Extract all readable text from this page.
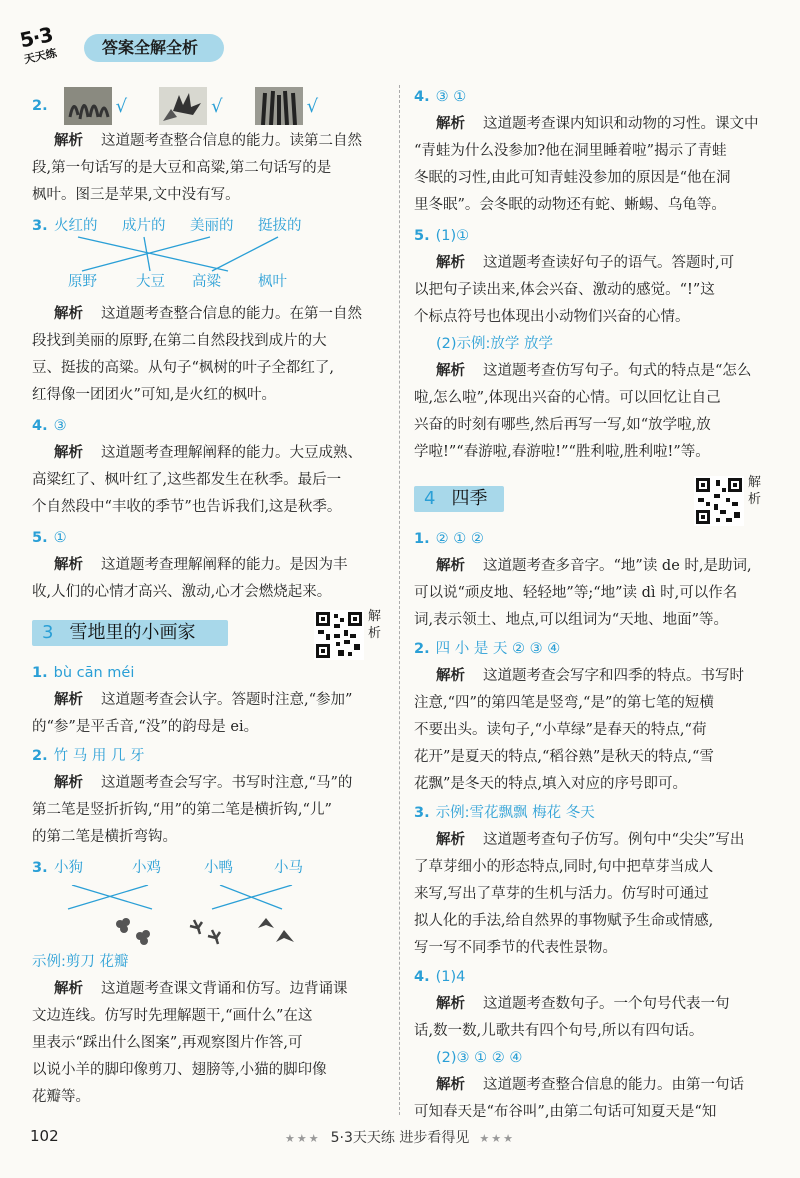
5·3
天天练	答案全解全析
2.	√	√	√
解析 这道题考查整合信息的能力。读第二自然
段,第一句话写的是大豆和高粱,第二句话写的是
枫叶。图三是苹果,文中没有写。
3. 火红的 成片的 美丽的 挺拔的
原野	大豆 高粱	枫叶
解析 这道题考查整合信息的能力。在第一自然
段找到美丽的原野,在第二自然段找到成片的大
豆、挺拔的高粱。从句子“枫树的叶子全都红了,
红得像一团团火”可知,是火红的枫叶。
4. ③
解析 这道题考查理解阐释的能力。大豆成熟、
高粱红了、枫叶红了,这些都发生在秋季。最后一
个自然段中“丰收的季节”也告诉我们,这是秋季。
5. ①
解析 这道题考查理解阐释的能力。是因为丰
收,人们的心情才高兴、激动,心才会燃烧起来。
3 雪地里的小画家
解析
1. bù cān méi
解析 这道题考查会认字。答题时注意,“参加”
的“参”是平舌音,“没”的韵母是 ei。
2. 竹 马 用 几 牙
解析 这道题考查会写字。书写时注意,“马”的
第二笔是竖折折钩,“用”的第二笔是横折钩,“儿”
的第二笔是横折弯钩。
3. 小狗	小鸡	小鸭	小马
示例:剪刀 花瓣
解析 这道题考查课文背诵和仿写。边背诵课
文边连线。仿写时先理解题干,“画什么”在这
里表示“踩出什么图案”,再观察图片作答,可
以说小羊的脚印像剪刀、翅膀等,小猫的脚印像
花瓣等。
4. ③ ①
解析 这道题考查课内知识和动物的习性。课文中
“青蛙为什么没参加?他在洞里睡着啦”揭示了青蛙
冬眠的习性,由此可知青蛙没参加的原因是“他在洞
里冬眠”。会冬眠的动物还有蛇、蜥蜴、乌龟等。
5. (1)①
解析 这道题考查读好句子的语气。答题时,可
以把句子读出来,体会兴奋、激动的感觉。“!”这
个标点符号也体现出小动物们兴奋的心情。
(2)示例:放学 放学
解析 这道题考查仿写句子。句式的特点是“怎么
啦,怎么啦”,体现出兴奋的心情。可以回忆让自己
兴奋的时刻有哪些,然后再写一写,如“放学啦,放
学啦!”“春游啦,春游啦!”“胜利啦,胜利啦!”等。
4 四季
解析
1. ② ① ②
解析 这道题考查多音字。“地”读 de 时,是助词,
可以说“顽皮地、轻轻地”等;“地”读 dì 时,可以作名
词,表示领土、地点,可以组词为“天地、地面”等。
2. 四 小 是 天 ② ③ ④
解析 这道题考查会写字和四季的特点。书写时
注意,“四”的第四笔是竖弯,“是”的第七笔的短横
不要出头。读句子,“小草绿”是春天的特点,“荷
花开”是夏天的特点,“稻谷熟”是秋天的特点,“雪
花飘”是冬天的特点,填入对应的序号即可。
3. 示例:雪花飘飘 梅花 冬天
解析 这道题考查句子仿写。例句中“尖尖”写出
了草芽细小的形态特点,同时,句中把草芽当成人
来写,写出了草芽的生机与活力。仿写时可通过
拟人化的手法,给自然界的事物赋予生命或情感,
写一写不同季节的代表性景物。
4. (1)4
解析 这道题考查数句子。一个句号代表一句
话,数一数,儿歌共有四个句号,所以有四句话。
(2)③ ① ② ④
解析 这道题考查整合信息的能力。由第一句话
可知春天是“布谷叫”,由第二句话可知夏天是“知
102	★★★ 5·3天天练 进步看得见 ★★★
